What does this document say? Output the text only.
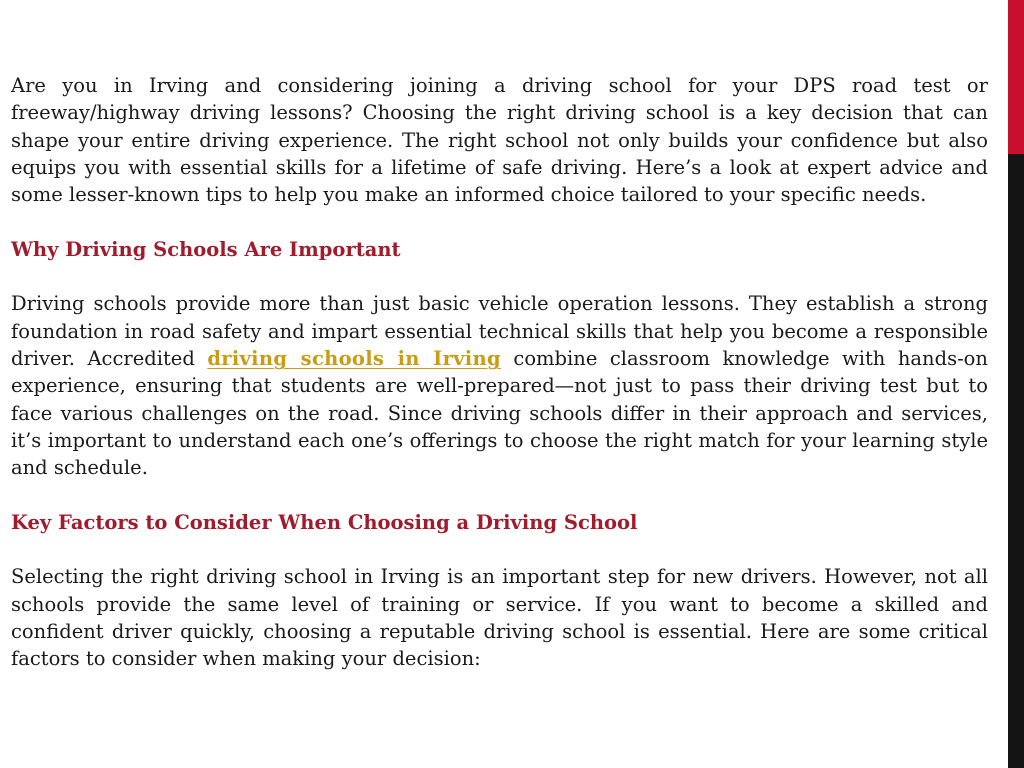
Are you in Irving and considering joining a driving school for your DPS road test or freeway/highway driving lessons? Choosing the right driving school is a key decision that can shape your entire driving experience. The right school not only builds your confidence but also equips you with essential skills for a lifetime of safe driving. Here’s a look at expert advice and some lesser-known tips to help you make an informed choice tailored to your specific needs.

Why Driving Schools Are Important

Driving schools provide more than just basic vehicle operation lessons. They establish a strong foundation in road safety and impart essential technical skills that help you become a responsible driver. Accredited driving schools in Irving combine classroom knowledge with hands-on experience, ensuring that students are well-prepared—not just to pass their driving test but to face various challenges on the road. Since driving schools differ in their approach and services, it’s important to understand each one’s offerings to choose the right match for your learning style and schedule.

Key Factors to Consider When Choosing a Driving School

Selecting the right driving school in Irving is an important step for new drivers. However, not all schools provide the same level of training or service. If you want to become a skilled and confident driver quickly, choosing a reputable driving school is essential. Here are some critical factors to consider when making your decision:
